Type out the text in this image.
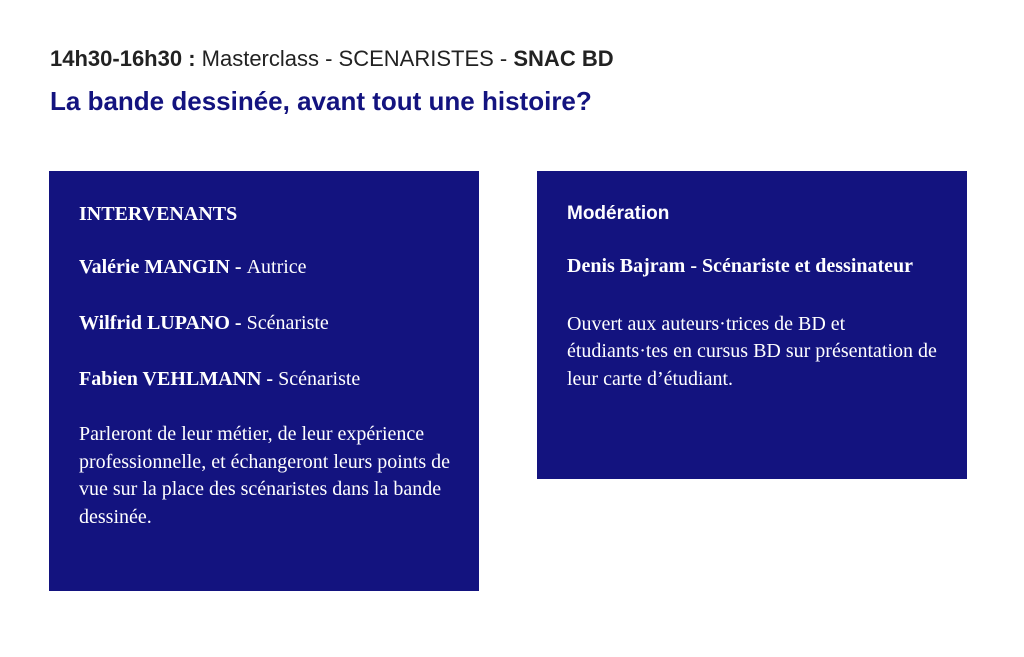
14h30-16h30 : Masterclass - SCENARISTES - SNAC BD
La bande dessinée, avant tout une histoire?
INTERVENANTS
Valérie MANGIN - Autrice
Wilfrid LUPANO - Scénariste
Fabien VEHLMANN - Scénariste

Parleront de leur métier, de leur expérience professionnelle, et échangeront leurs points de vue sur la place des scénaristes dans la bande dessinée.

Modération

Denis Bajram - Scénariste et dessinateur

Ouvert aux auteurs·trices de BD et étudiants·tes en cursus BD sur présentation de leur carte d’étudiant.
